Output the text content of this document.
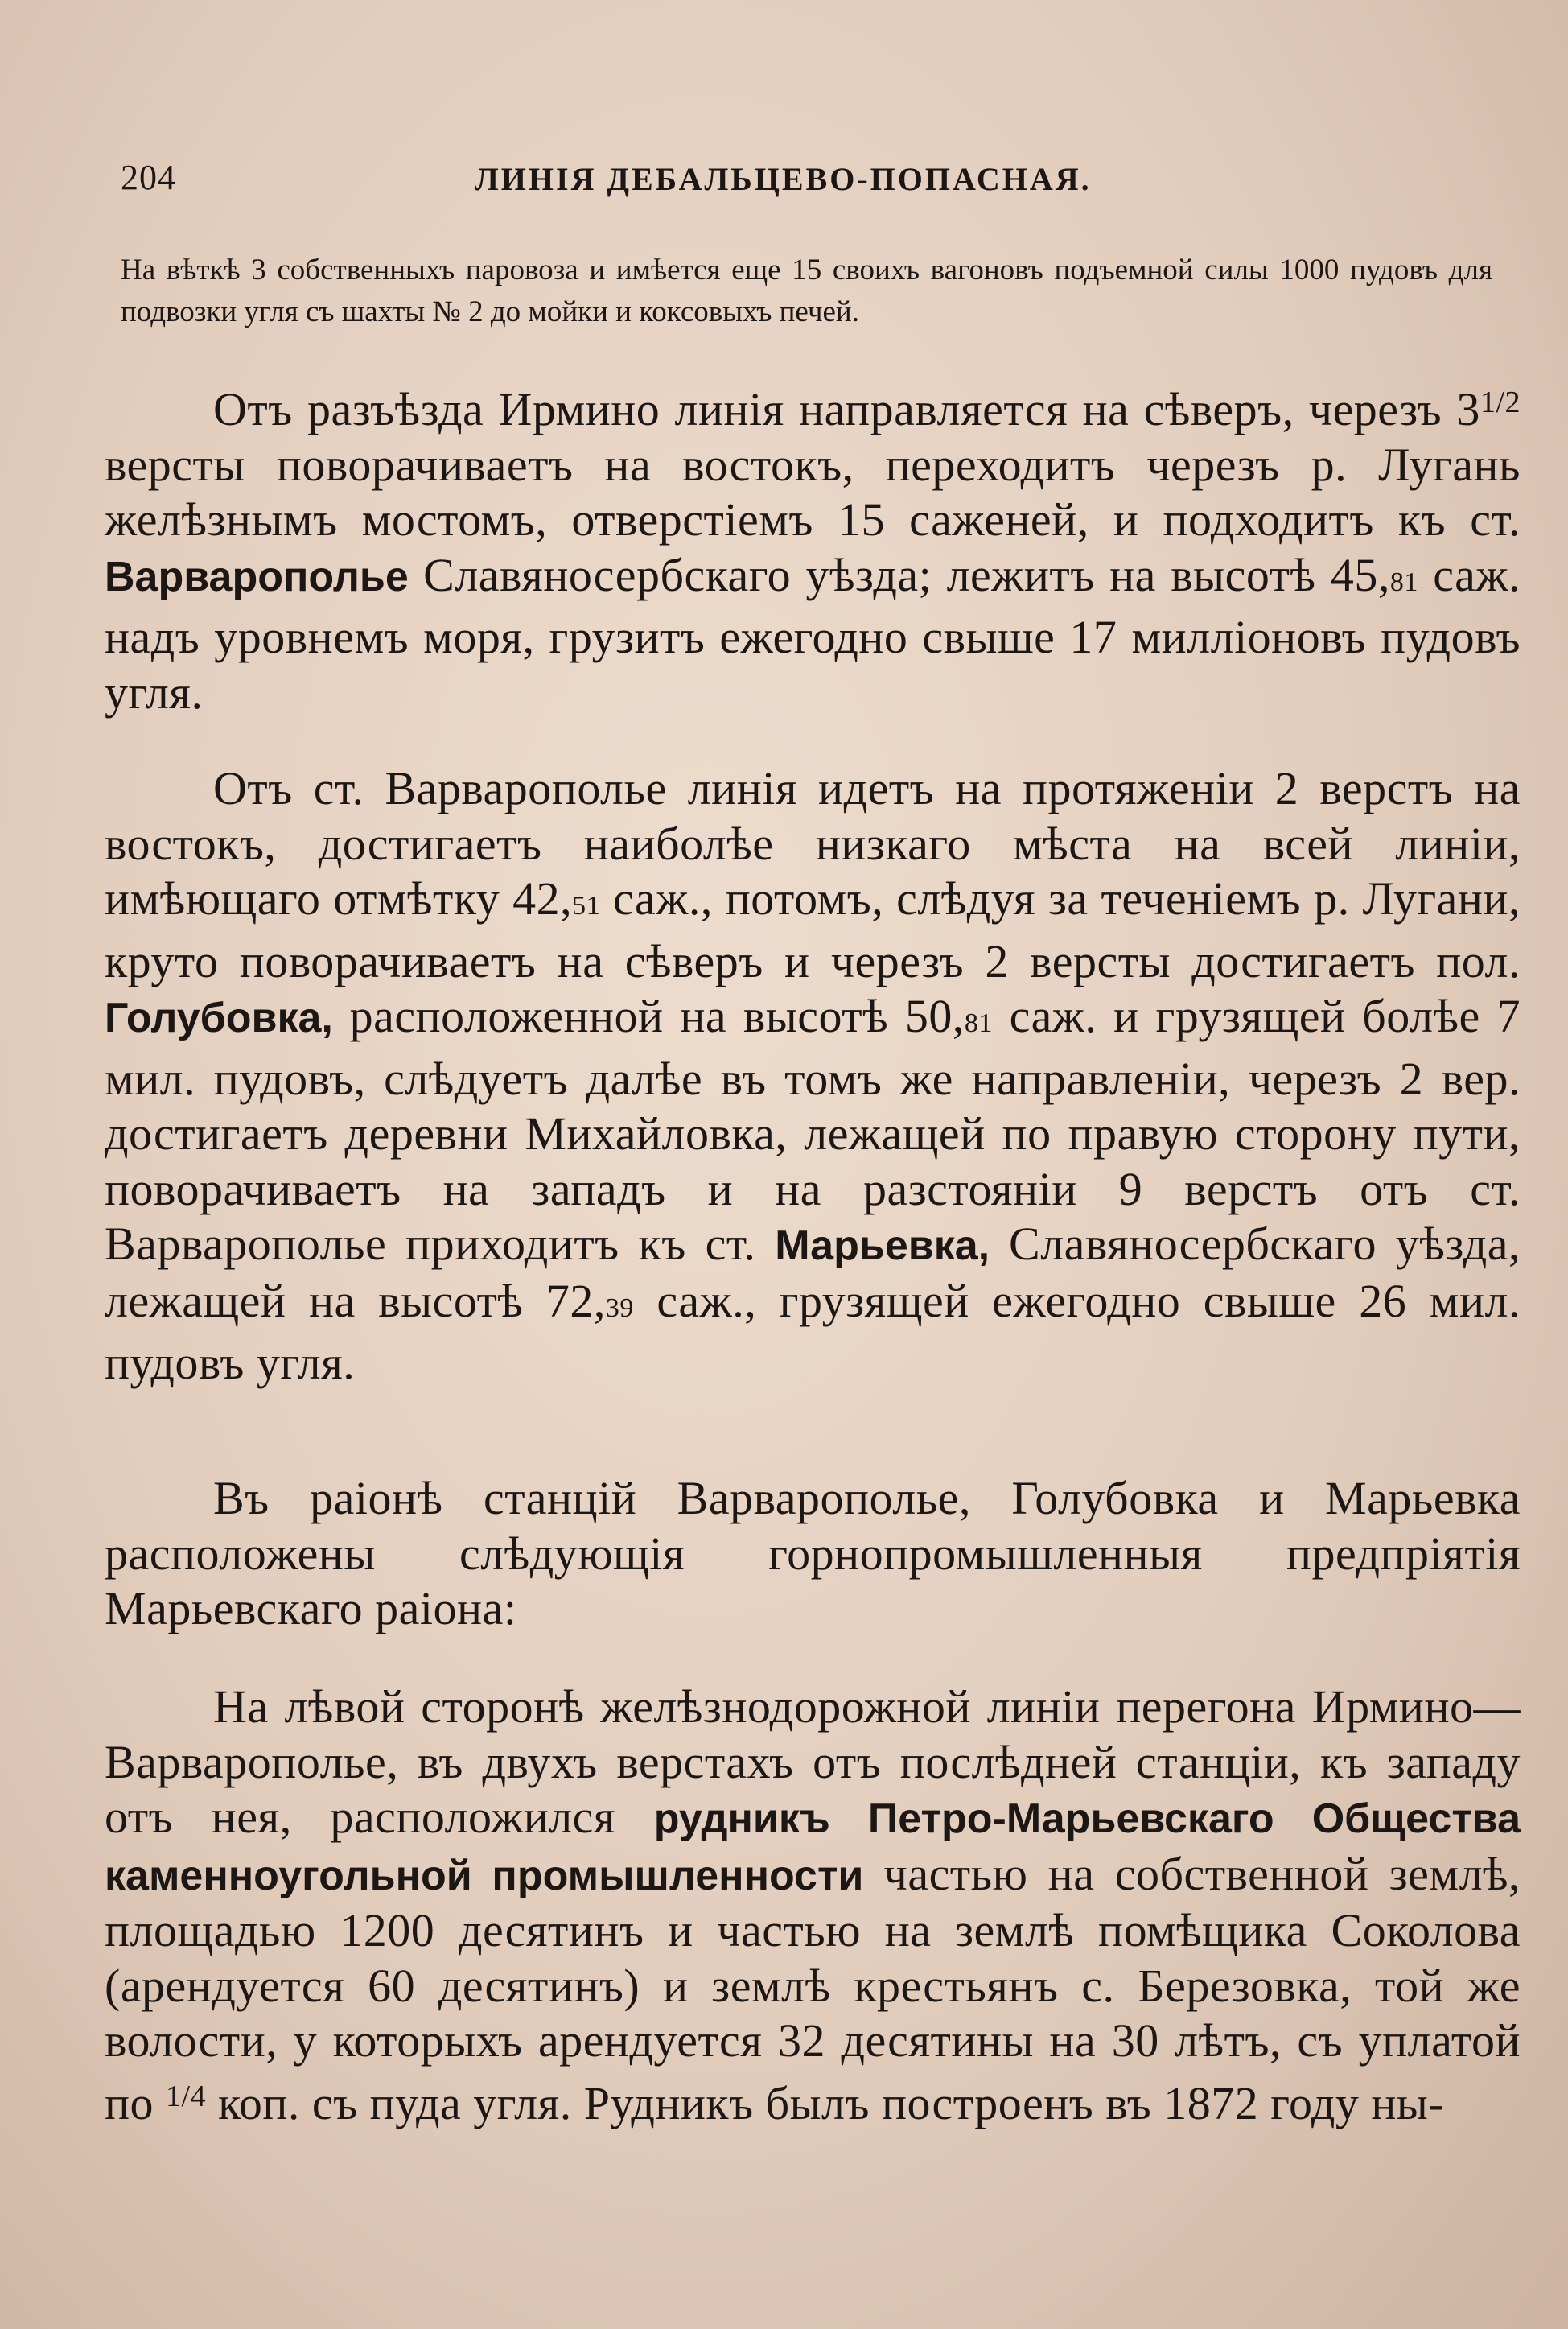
204	ЛИНІЯ ДЕБАЛЬЦЕВО-ПОПАСНАЯ.
На вѣткѣ 3 собственныхъ паровоза и имѣется еще 15 своихъ вагоновъ подъемной силы 1000 пудовъ для подвозки угля съ шахты № 2 до мойки и коксовыхъ печей.
Отъ разъѣзда Ирмино линія направляется на сѣверъ, черезъ $3^{1/2}$ версты поворачиваетъ на востокъ, переходитъ черезъ р. Лугань желѣзнымъ мостомъ, отверстіемъ 15 саженей, и подходитъ къ ст. Варварополье Славяносербскаго уѣзда; лежитъ на высотѣ 45,81 саж. надъ уровнемъ моря, грузитъ ежегодно свыше 17 милліоновъ пудовъ угля.
Отъ ст. Варварополье линія идетъ на протяженіи 2 верстъ на востокъ, достигаетъ наиболѣе низкаго мѣста на всей линіи, имѣющаго отмѣтку 42,51 саж., потомъ, слѣдуя за теченіемъ р. Лугани, круто поворачиваетъ на сѣверъ и черезъ 2 версты достигаетъ пол. Голубовка, расположенной на высотѣ 50,81 саж. и грузящей болѣе 7 мил. пудовъ, слѣдуетъ далѣе въ томъ же направленіи, черезъ 2 вер. достигаетъ деревни Михайловка, лежащей по правую сторону пути, поворачиваетъ на западъ и на разстояніи 9 верстъ отъ ст. Варварополье приходитъ къ ст. Марьевка, Славяносербскаго уѣзда, лежащей на высотѣ 72,39 саж., грузящей ежегодно свыше 26 мил. пудовъ угля.
Въ раіонѣ станцій Варварополье, Голубовка и Марьевка расположены слѣдующія горнопромышленныя предпріятія Марьевскаго раіона:
На лѣвой сторонѣ желѣзнодорожной линіи перегона Ирмино—Варварополье, въ двухъ верстахъ отъ послѣдней станціи, къ западу отъ нея, расположился рудникъ Петро-Марьевскаго Общества каменноугольной промышленности частью на собственной землѣ, площадью 1200 десятинъ и частью на землѣ помѣщика Соколова (арендуется 60 десятинъ) и землѣ крестьянъ с. Березовка, той же волости, у которыхъ арендуется 32 десятины на 30 лѣтъ, съ уплатой по $^{1/4}$ коп. съ пуда угля. Рудникъ былъ построенъ въ 1872 году ны-
